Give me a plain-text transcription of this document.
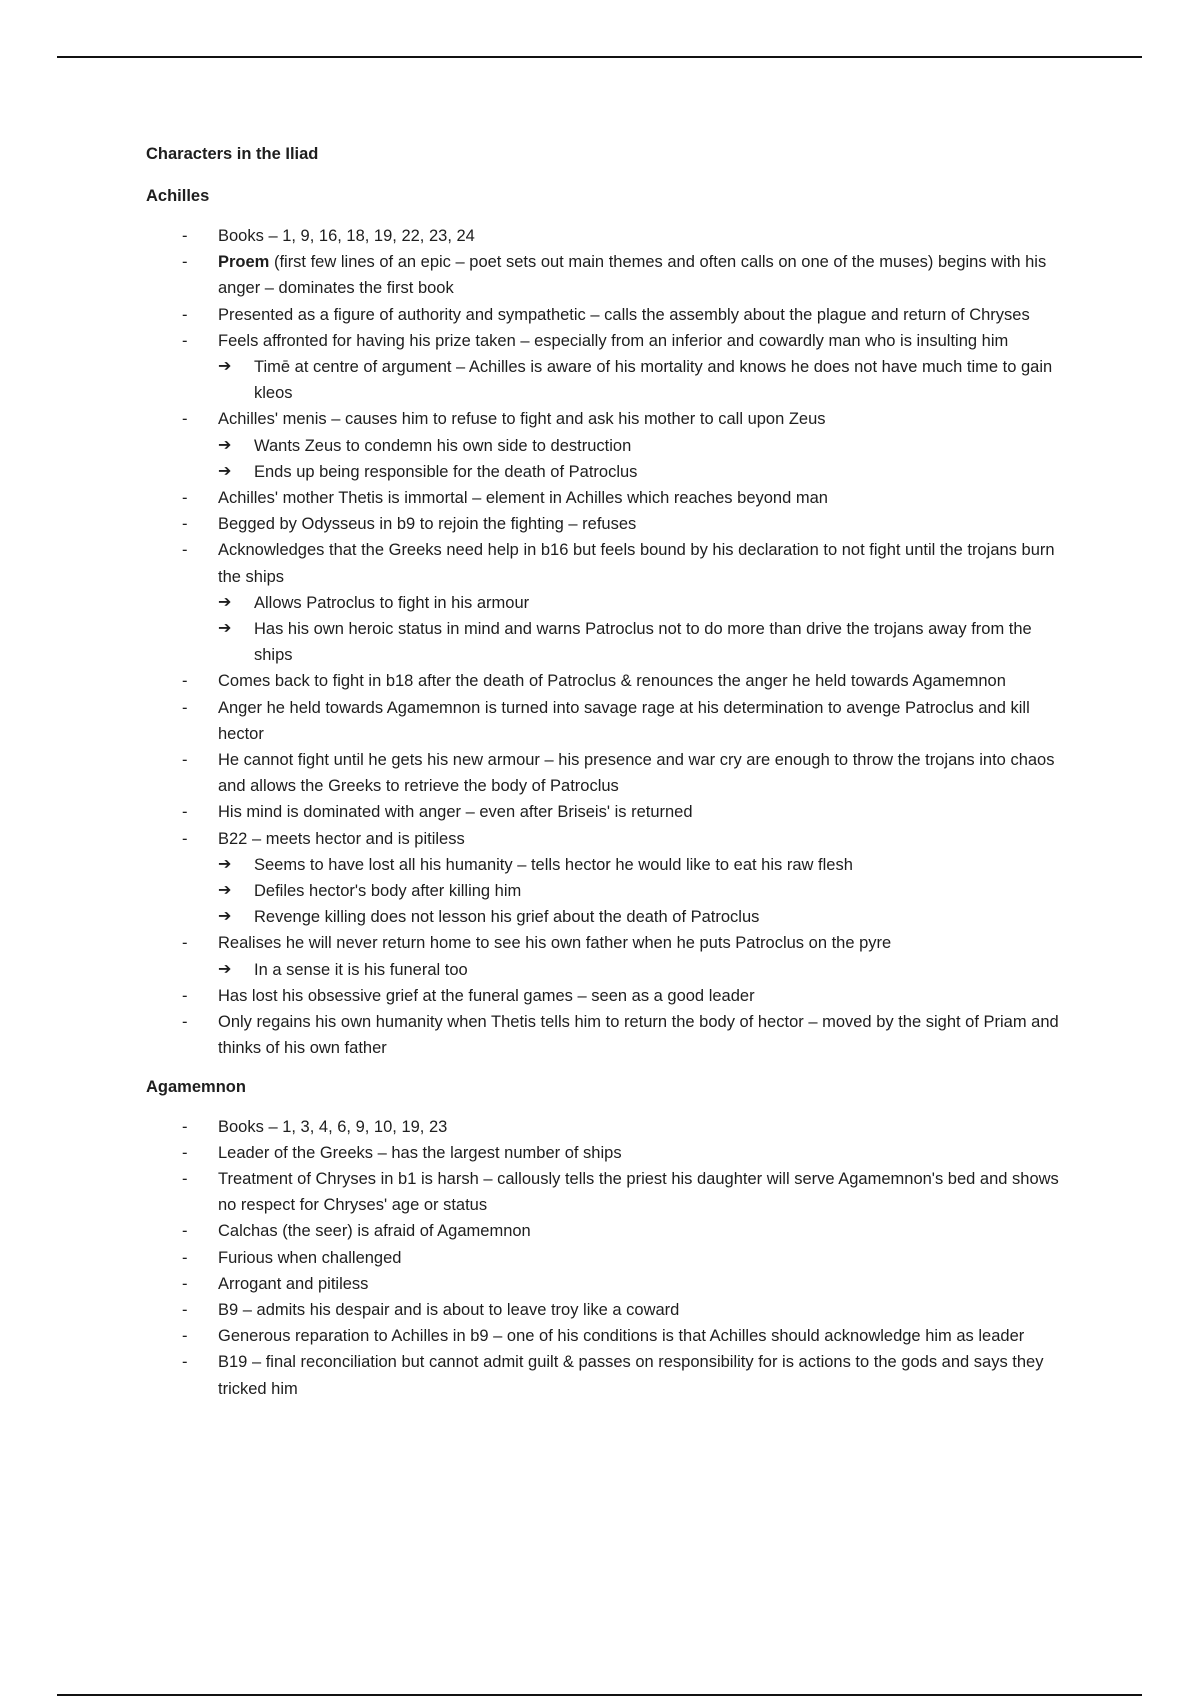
Characters in the Iliad
Achilles
-	Books – 1, 9, 16, 18, 19, 22, 23, 24
-	Proem (first few lines of an epic – poet sets out main themes and often calls on one of the muses) begins with his anger – dominates the first book
-	Presented as a figure of authority and sympathetic – calls the assembly about the plague and return of Chryses
-	Feels affronted for having his prize taken – especially from an inferior and cowardly man who is insulting him
➔ Timē at centre of argument – Achilles is aware of his mortality and knows he does not have much time to gain kleos
-	Achilles' menis – causes him to refuse to fight and ask his mother to call upon Zeus
➔ Wants Zeus to condemn his own side to destruction
➔ Ends up being responsible for the death of Patroclus
-	Achilles' mother Thetis is immortal – element in Achilles which reaches beyond man
-	Begged by Odysseus in b9 to rejoin the fighting – refuses
-	Acknowledges that the Greeks need help in b16 but feels bound by his declaration to not fight until the trojans burn the ships
➔ Allows Patroclus to fight in his armour
➔ Has his own heroic status in mind and warns Patroclus not to do more than drive the trojans away from the ships
-	Comes back to fight in b18 after the death of Patroclus & renounces the anger he held towards Agamemnon
-	Anger he held towards Agamemnon is turned into savage rage at his determination to avenge Patroclus and kill hector
-	He cannot fight until he gets his new armour – his presence and war cry are enough to throw the trojans into chaos and allows the Greeks to retrieve the body of Patroclus
-	His mind is dominated with anger – even after Briseis' is returned
-	B22 – meets hector and is pitiless
➔ Seems to have lost all his humanity – tells hector he would like to eat his raw flesh
➔ Defiles hector's body after killing him
➔ Revenge killing does not lesson his grief about the death of Patroclus
-	Realises he will never return home to see his own father when he puts Patroclus on the pyre
➔ In a sense it is his funeral too
-	Has lost his obsessive grief at the funeral games – seen as a good leader
-	Only regains his own humanity when Thetis tells him to return the body of hector – moved by the sight of Priam and thinks of his own father
Agamemnon
-	Books – 1, 3, 4, 6, 9, 10, 19, 23
-	Leader of the Greeks – has the largest number of ships
-	Treatment of Chryses in b1 is harsh – callously tells the priest his daughter will serve Agamemnon's bed and shows no respect for Chryses' age or status
-	Calchas (the seer) is afraid of Agamemnon
-	Furious when challenged
-	Arrogant and pitiless
-	B9 – admits his despair and is about to leave troy like a coward
-	Generous reparation to Achilles in b9 – one of his conditions is that Achilles should acknowledge him as leader
-	B19 – final reconciliation but cannot admit guilt & passes on responsibility for is actions to the gods and says they tricked him
